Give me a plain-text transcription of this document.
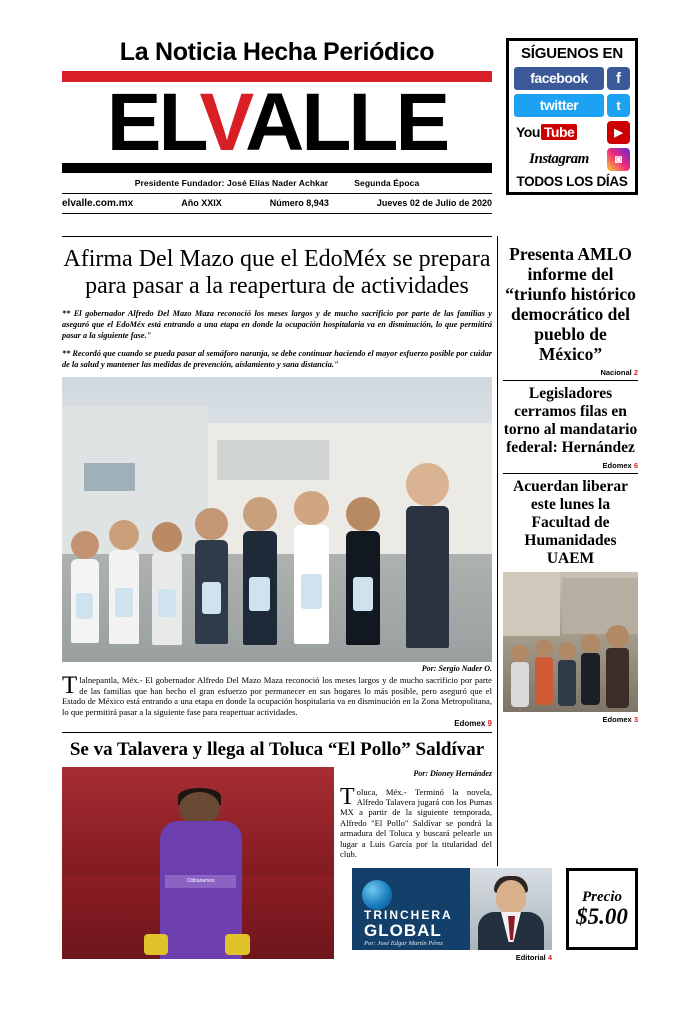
La Noticia Hecha Periódico
ELVALLE
Presidente Fundador: José Elías Nader Achkar	Segunda Época
elvalle.com.mx	Año XXIX	Número 8,943	Jueves 02 de Julio de 2020
SÍGUENOS EN
facebook	f
twitter	t
You Tube	▶
Instagram	◙
TODOS LOS DÍAS
Afirma Del Mazo que el EdoMéx se prepara para pasar a la reapertura de actividades

** El gobernador Alfredo Del Mazo Maza reconoció los meses largos y de mucho sacrificio por parte de las familias y aseguró que el EdoMéx está entrando a una etapa en donde la ocupación hospitalaria va en disminución, lo que permitirá pasar a la siguiente fase."

** Recordó que cuando se pueda pasar al semáforo naranja, se debe continuar haciendo el mayor esfuerzo posible por cuidar de la salud y mantener las medidas de prevención, aislamiento y sana distancia."

Por: Sergio Nader O.

Tlalnepantla, Méx.- El gobernador Alfredo Del Mazo Maza reconoció los meses largos y de mucho sacrificio por parte de las familias que han hecho el gran esfuerzo por permanecer en sus hogares lo más posible, pero aseguró que el Estado de México está entrando a una etapa en donde la ocupación hospitalaria va en disminución en la Zona Metropolitana, lo que permitirá pasar a la siguiente fase para reapertuar actividades.

Edomex 9
Se va Talavera y llega al Toluca “El Pollo” Saldívar
Citibanamex
Por: Dioney Hernández

Toluca, Méx.- Terminó la novela, Alfredo Talavera jugará con los Pumas MX a partir de la siguiente temporada, Alfredo "El Pollo" Saldívar se pondrá la armadura del Toluca y buscará pelearle un lugar a Luis García por la titularidad del club.

Presenta AMLO informe del “triunfo histórico democrático del pueblo de México”
Nacional 2
Legisladores cerramos filas en torno al mandatario federal: Hernández
Edomex 6
Acuerdan liberar este lunes la Facultad de Humanidades UAEM
Edomex 3
TRINCHERA
GLOBAL
Por: José Edgar Martín Pérez
Editorial 4
Precio
$5.00
